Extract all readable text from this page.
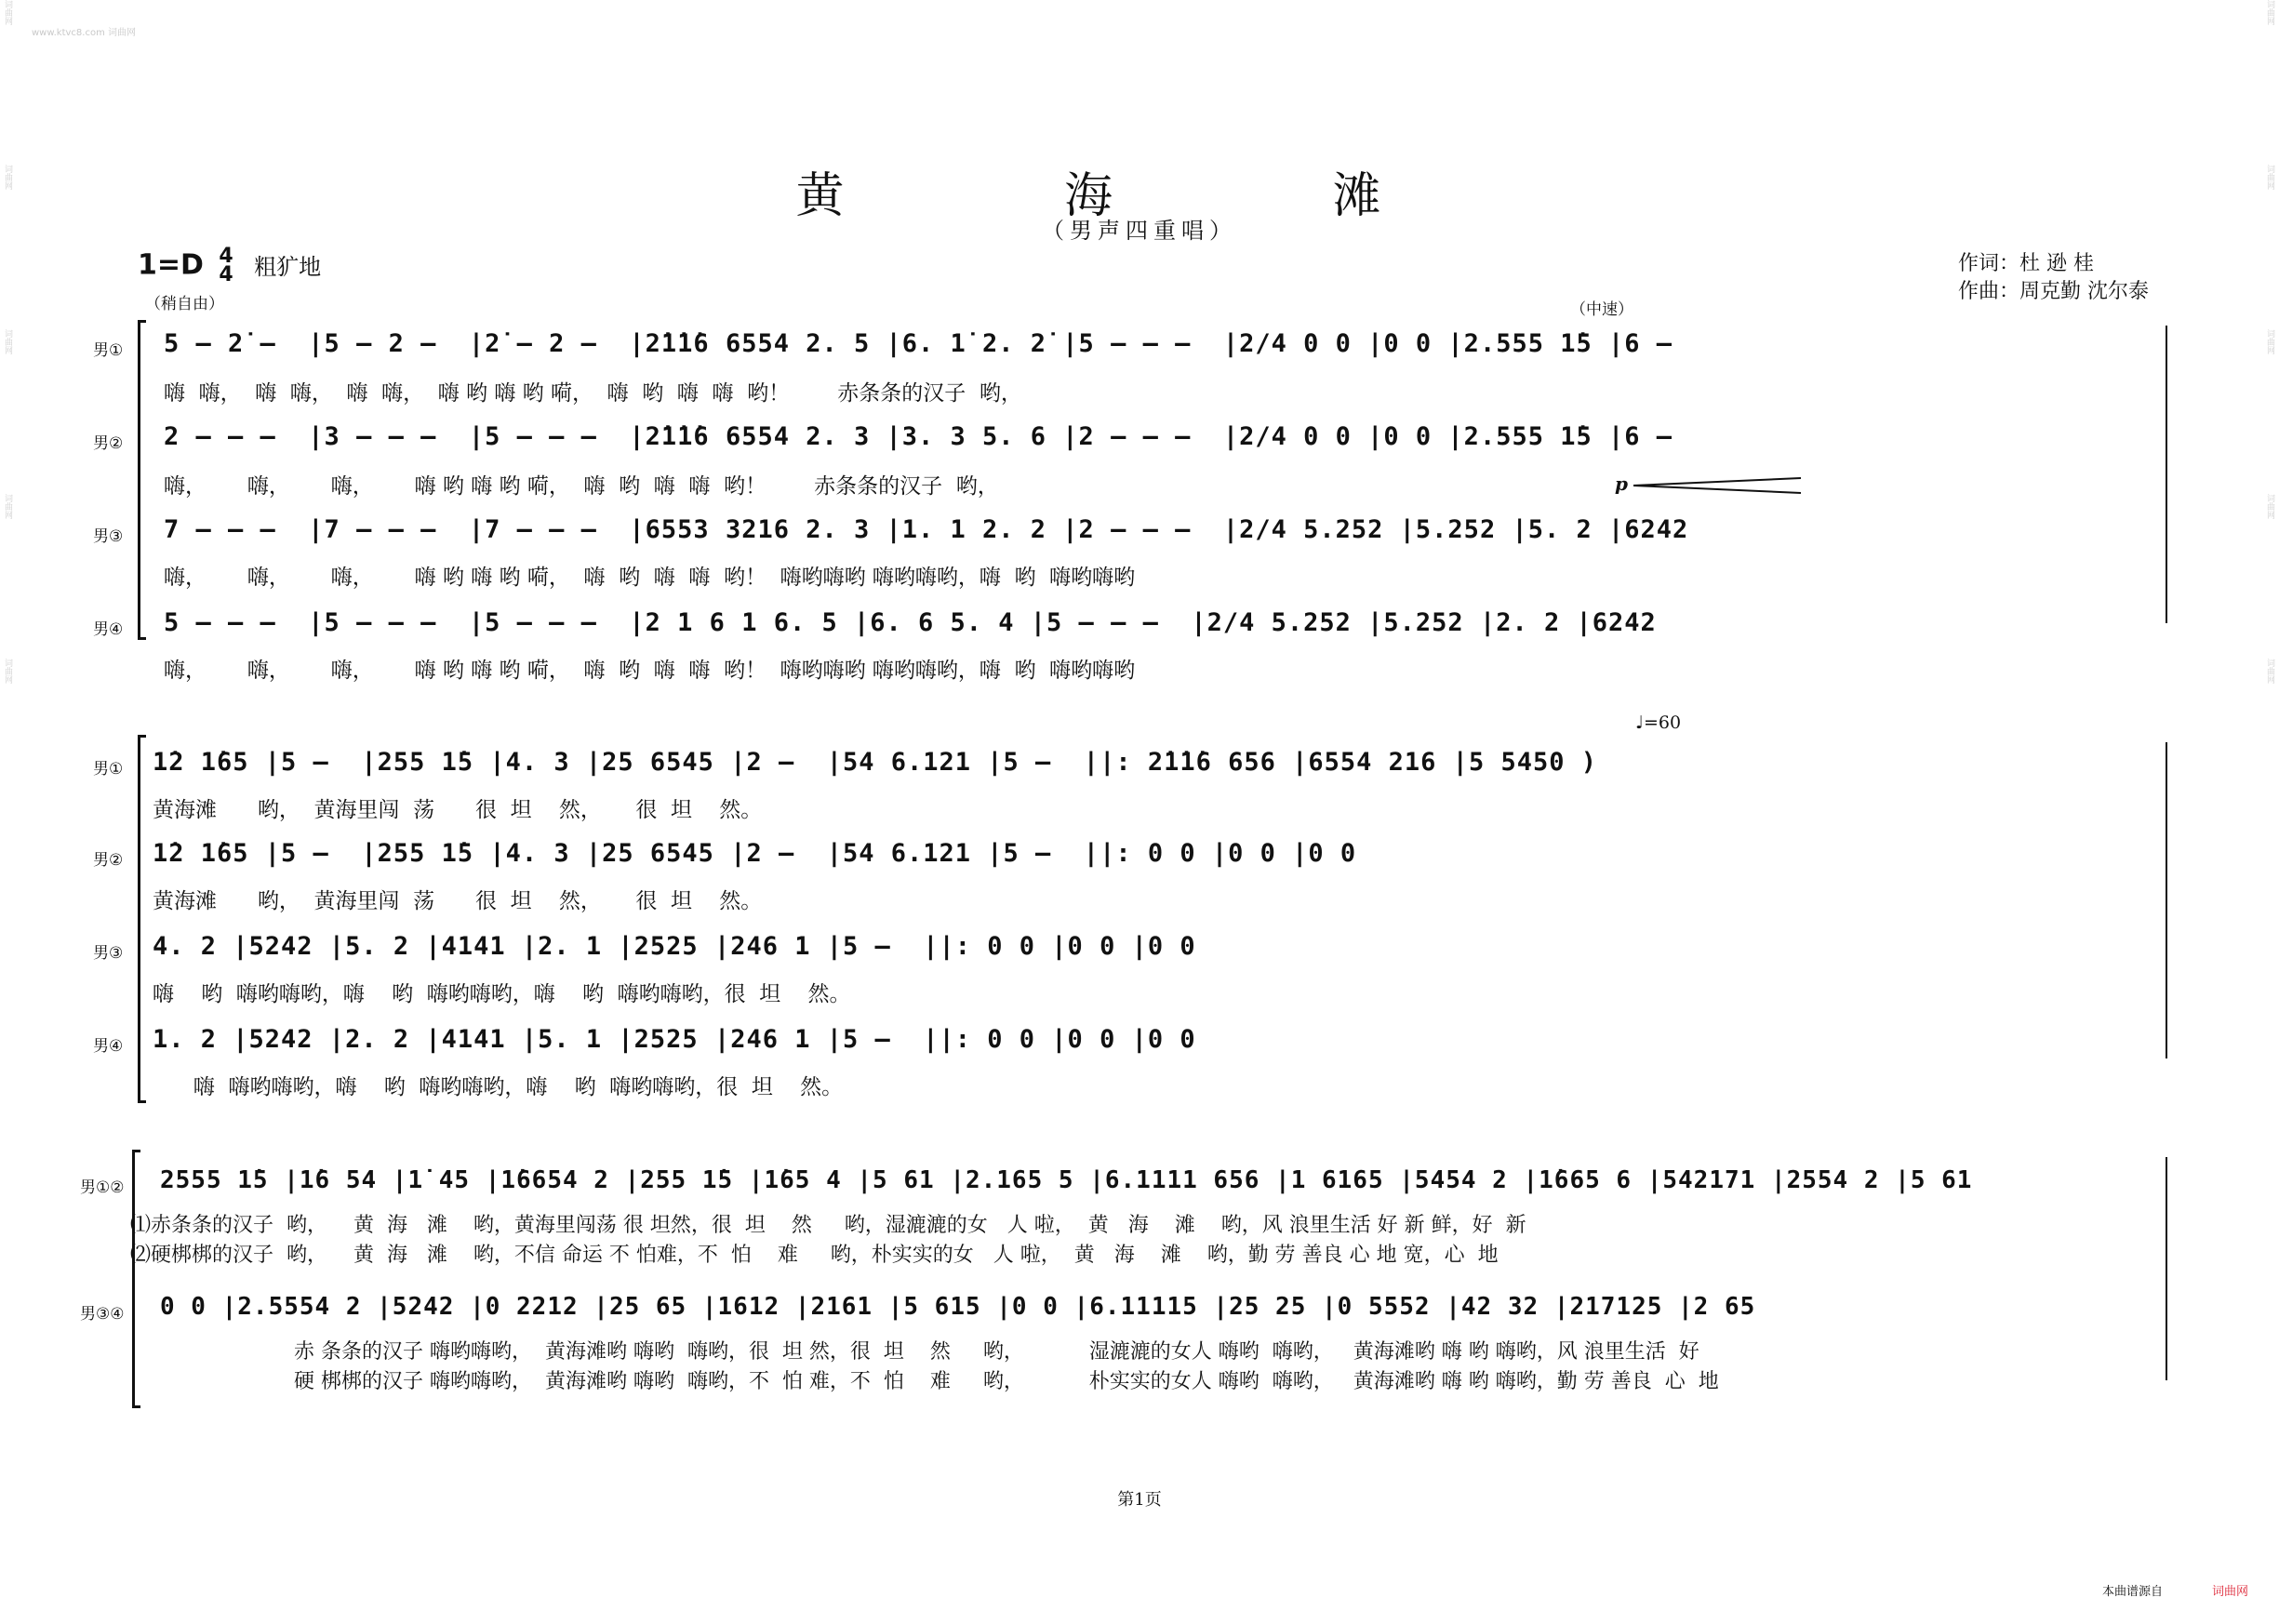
www.ktvc8.com 词曲网
词曲网
词曲网
词曲网
词曲网
词曲网
词曲网
词曲网
词曲网
词曲网
词曲网
黄 海 滩
（男声四重唱）
1=D 4
4 粗犷地	作词：杜 逊 桂
作曲：周克勤 沈尔泰
（稍自由）	（中速）
♩=60
p
男① 5 – 2̇ –  |5 – 2 –  |2̇ – 2 –  |2̇1̇1̇6 6554 2. 5 |6. 1̇ 2. 2̇ |5 – – –  |2/4 0 0 |0 0 |2.555 1̇5 |6 –
嗨  嗨，  嗨  嗨，  嗨  嗨，  嗨 哟 嗨 哟 嗬，  嗨  哟  嗨  嗨  哟！       赤条条的汉子  哟，
男② 2 – – –  |3 – – –  |5 – – –  |2̇1̇1̇6 6554 2. 3 |3. 3 5. 6 |2 – – –  |2/4 0 0 |0 0 |2.555 1̇5 |6 –
嗨，      嗨，      嗨，      嗨 哟 嗨 哟 嗬，  嗨  哟  嗨  嗨  哟！       赤条条的汉子  哟，
男③ 7 – – –  |7 – – –  |7 – – –  |6553 3216 2. 3 |1. 1 2. 2 |2 – – –  |2/4 5.252 |5.252 |5. 2 |6242
嗨，      嗨，      嗨，      嗨 哟 嗨 哟 嗬，  嗨  哟  嗨  嗨  哟！  嗨哟嗨哟 嗨哟嗨哟，嗨  哟  嗨哟嗨哟
男④ 5 – – –  |5 – – –  |5 – – –  |2 1 6 1 6. 5 |6. 6 5. 4 |5 – – –  |2/4 5.252 |5.252 |2. 2 |6242
嗨，      嗨，      嗨，      嗨 哟 嗨 哟 嗬，  嗨  哟  嗨  嗨  哟！  嗨哟嗨哟 嗨哟嗨哟，嗨  哟  嗨哟嗨哟
男① 1̇2 1̇65 |5 –  |255 1̇5 |4. 3 |25 6545 |2 –  |54 6.121 |5 –  ||: 2̇1̇1̇6 656 |6554 216 |5 5450 )
黄海滩      哟，  黄海里闯  荡      很  坦    然，     很  坦    然。
男② 1̇2 1̇65 |5 –  |255 1̇5 |4. 3 |25 6545 |2 –  |54 6.121 |5 –  ||: 0 0 |0 0 |0 0
黄海滩      哟，  黄海里闯  荡      很  坦    然，     很  坦    然。
男③ 4. 2 |5242 |5. 2 |4141 |2. 1 |2525 |246 1 |5 –  ||: 0 0 |0 0 |0 0
嗨    哟  嗨哟嗨哟，嗨    哟  嗨哟嗨哟，嗨    哟  嗨哟嗨哟，很  坦    然。
男④ 1. 2 |5242 |2. 2 |4141 |5. 1 |2525 |246 1 |5 –  ||: 0 0 |0 0 |0 0
嗨  嗨哟嗨哟，嗨    哟  嗨哟嗨哟，嗨    哟  嗨哟嗨哟，很  坦    然。
男①② 2555 1̇5 |1̇6 54 |1̇ 45 |1̇6654 2 |255 1̇5 |1̇65 4 |5 61 |2.165 5 |6.1111 656 |1 6165 |5454 2 |1̇665 6 |542171 |2554 2 |5 61
⑴赤条条的汉子  哟，    黄  海   滩    哟，黄海里闯荡 很 坦然，很  坦    然     哟，湿漉漉的女   人 啦，  黄   海    滩    哟，风 浪里生活 好 新 鲜，好  新
⑵硬梆梆的汉子  哟，    黄  海   滩    哟，不信 命运 不 怕难，不  怕    难     哟，朴实实的女   人 啦，  黄   海    滩    哟，勤 劳 善良 心 地 宽，心  地
男③④ 0 0 |2.5554 2 |5242 |0 2212 |25 65 |1612 |2161 |5 615 |0 0 |6.11115 |25 25 |0 5552 |42 32 |217125 |2 65
赤 条条的汉子 嗨哟嗨哟，  黄海滩哟 嗨哟  嗨哟，很  坦 然，很  坦    然     哟，          湿漉漉的女人 嗨哟  嗨哟，   黄海滩哟 嗨 哟 嗨哟，风 浪里生活  好
硬 梆梆的汉子 嗨哟嗨哟，  黄海滩哟 嗨哟  嗨哟，不  怕 难，不  怕    难     哟，          朴实实的女人 嗨哟  嗨哟，   黄海滩哟 嗨 哟 嗨哟，勤 劳 善良  心  地
第1页
本曲谱源自	词曲网
